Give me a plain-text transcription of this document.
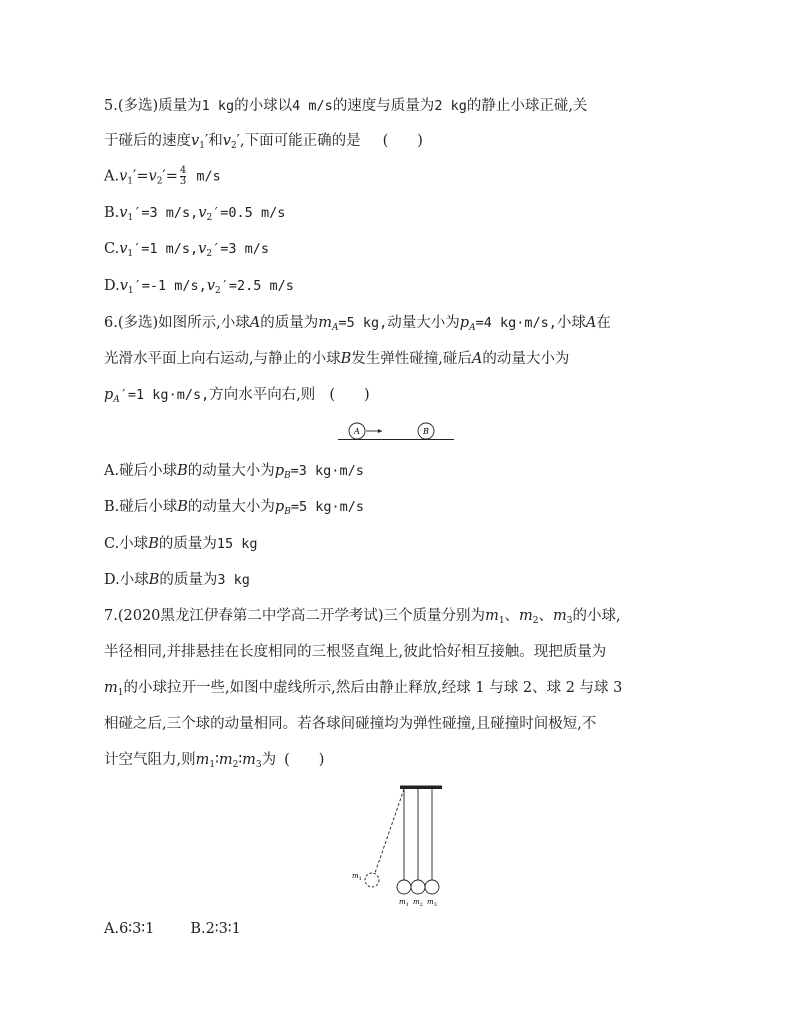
5.(多选)质量为1 kg的小球以4 m/s的速度与质量为2 kg的静止小球正碰,关
于碰后的速度$v_1'$和$v_2'$,下面可能正确的是 (　　)
$A.v_1'=v_2'= \frac{4}{3} m/s$
$B.v_1'=3$ $m/s,v_2'=0.5$ m/s
$C.v_1'=1$ $m/s,v_2'=3$ m/s
$D.v_1'=-1$ $m/s,v_2'=2.5$ m/s
6.(多选)如图所示,小球A的质量为$m_A=5$ kg,动量大小为$p_A=4$ kg·m/s,小球A在
光滑水平面上向右运动,与静止的小球B发生弹性碰撞,碰后A的动量大小为
$p_A'=1$ kg·m/s,方向水平向右,则 (　　)
A	B
A.碰后小球B的动量大小为$p_B=3$ kg·m/s
B.碰后小球B的动量大小为$p_B=5$ kg·m/s
C.小球B的质量为15 kg
D.小球B的质量为3 kg
7.(2020黑龙江伊春第二中学高二开学考试)三个质量分别为$m_1$、$m_2$、$m_3$的小球,
半径相同,并排悬挂在长度相同的三根竖直绳上,彼此恰好相互接触。现把质量为
$m_1$的小球拉开一些,如图中虚线所示,然后由静止释放,经球 1 与球 2、球 2 与球 3
相碰之后,三个球的动量相同。若各球间碰撞均为弹性碰撞,且碰撞时间极短,不
计空气阻力,则$m_1∶m_2∶m_3$为 (　　)
$m_1$
$m_1$ $m_2$ $m_3$
A.6∶3∶1 B.2∶3∶1
